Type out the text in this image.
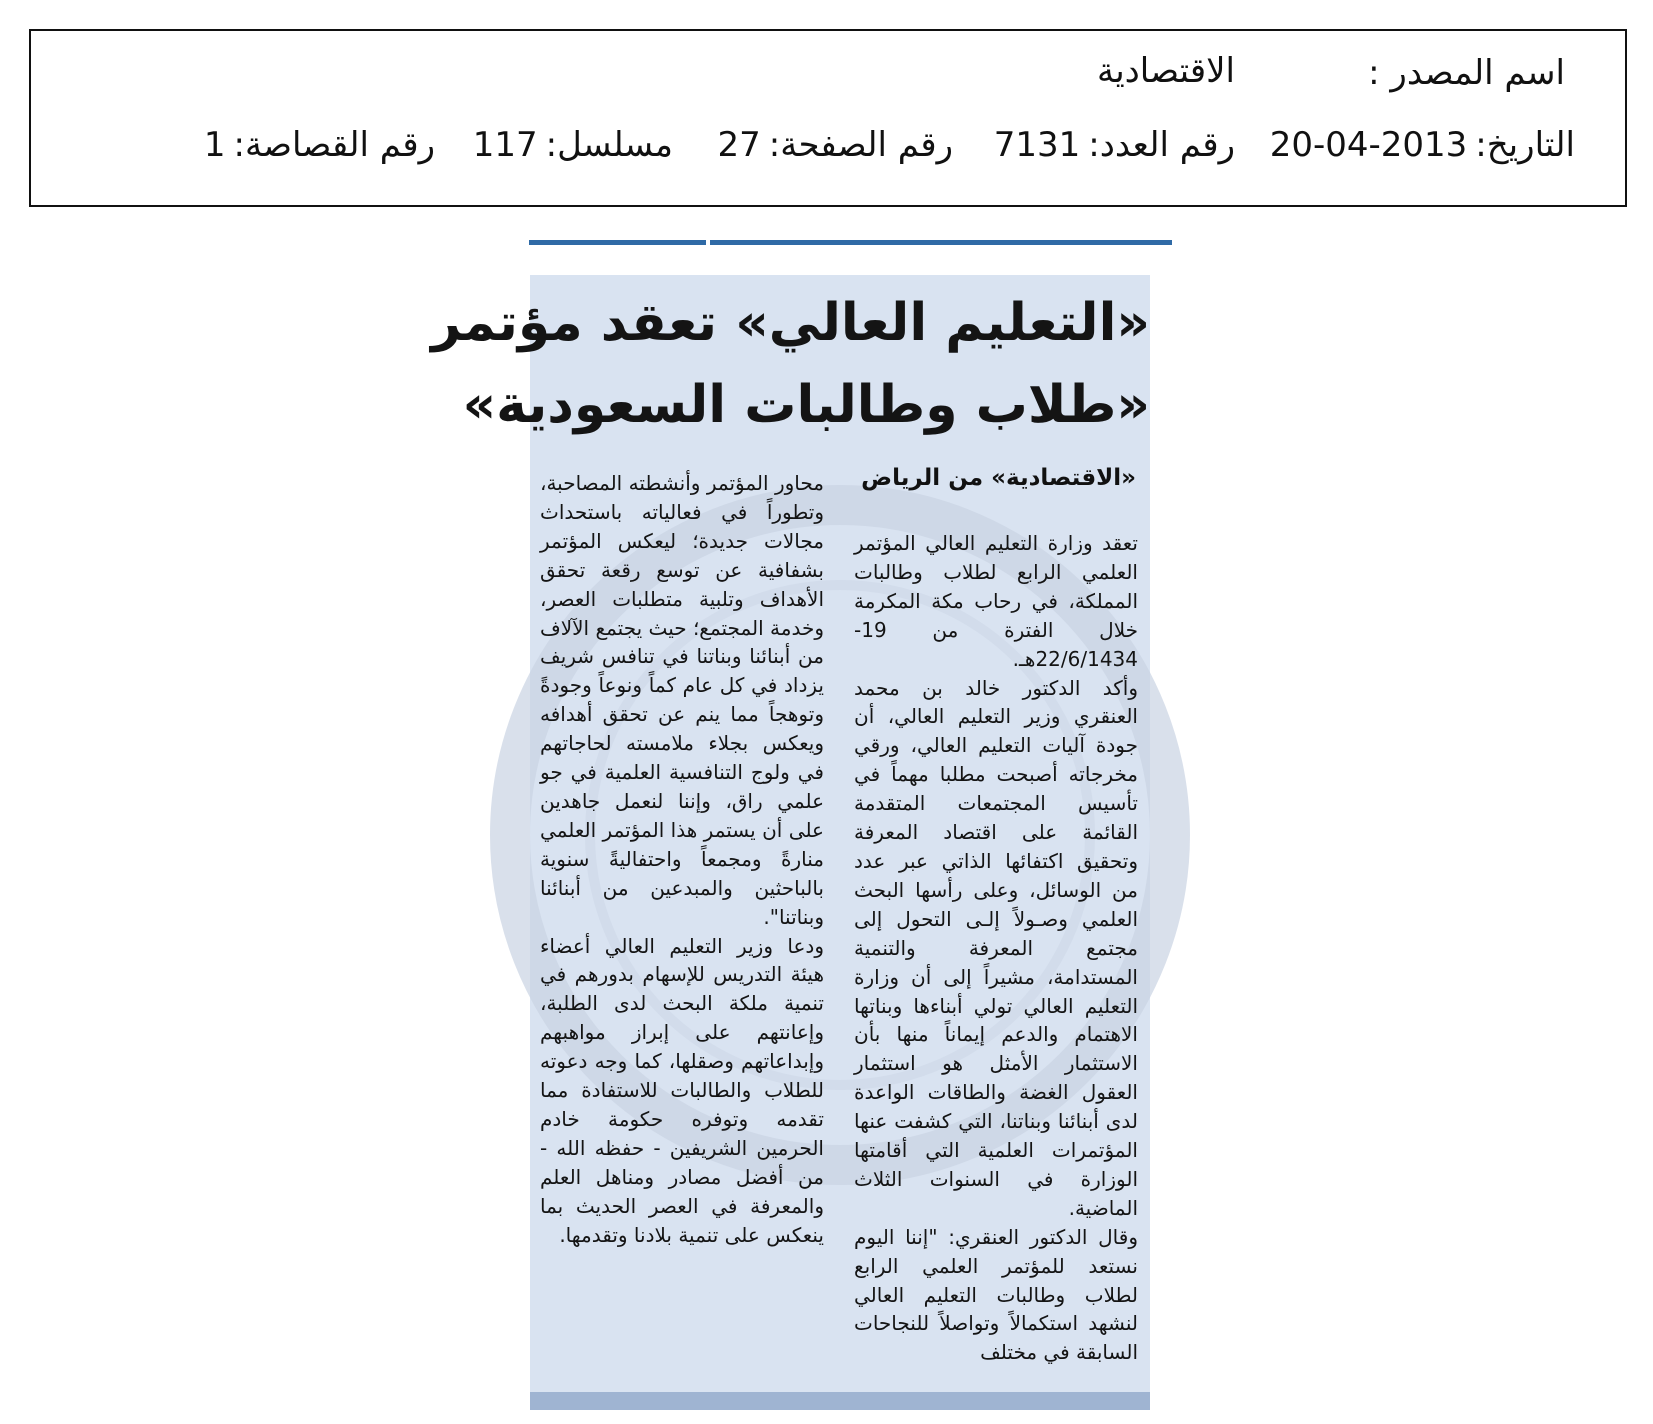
اسم المصدر :
الاقتصادية
التاريخ:20-04-2013
رقم العدد:7131
رقم الصفحة:27
مسلسل:117
رقم القصاصة:1
«التعليم العالي» تعقد مؤتمر
«طلاب وطالبات السعودية»
«الاقتصادية» من الرياض

تعقد وزارة التعليم العالي المؤتمر العلمي الرابع لطلاب وطالبات المملكة، في رحاب مكة المكرمة خلال الفترة من 19- 22/6/1434هـ.

وأكد الدكتور خالد بن محمد العنقري وزير التعليم العالي، أن جودة آليات التعليم العالي، ورقي مخرجاته أصبحت مطلبا مهماً في تأسيس المجتمعات المتقدمة القائمة على اقتصاد المعرفة وتحقيق اكتفائها الذاتي عبر عدد من الوسائل، وعلى رأسها البحث العلمي وصـولاً إلـى التحول إلى مجتمع المعرفة والتنمية المستدامة، مشيراً إلى أن وزارة التعليم العالي تولي أبناءها وبناتها الاهتمام والدعم إيماناً منها بأن الاستثمار الأمثل هو استثمار العقول الغضة والطاقات الواعدة لدى أبنائنا وبناتنا، التي كشفت عنها المؤتمرات العلمية التي أقامتها الوزارة في السنوات الثلاث الماضية.

وقال الدكتور العنقري: "إننا اليوم نستعد للمؤتمر العلمي الرابع لطلاب وطالبات التعليم العالي لنشهد استكمالاً وتواصلاً للنجاحات السابقة في مختلف

محاور المؤتمر وأنشطته المصاحبة، وتطوراً في فعالياته باستحداث مجالات جديدة؛ ليعكس المؤتمر بشفافية عن توسع رقعة تحقق الأهداف وتلبية متطلبات العصر، وخدمة المجتمع؛ حيث يجتمع الآلاف من أبنائنا وبناتنا في تنافس شريف يزداد في كل عام كماً ونوعاً وجودةً وتوهجاً مما ينم عن تحقق أهدافه ويعكس بجلاء ملامسته لحاجاتهم في ولوج التنافسية العلمية في جو علمي راق، وإننا لنعمل جاهدين على أن يستمر هذا المؤتمر العلمي منارةً ومجمعاً واحتفاليةً سنوية بالباحثين والمبدعين من أبنائنا وبناتنا".

ودعا وزير التعليم العالي أعضاء هيئة التدريس للإسهام بدورهم في تنمية ملكة البحث لدى الطلبة، وإعانتهم على إبراز مواهبهم وإبداعاتهم وصقلها، كما وجه دعوته للطلاب والطالبات للاستفادة مما تقدمه وتوفره حكومة خادم الحرمين الشريفين - حفظه الله - من أفضل مصادر ومناهل العلم والمعرفة في العصر الحديث بما ينعكس على تنمية بلادنا وتقدمها.
